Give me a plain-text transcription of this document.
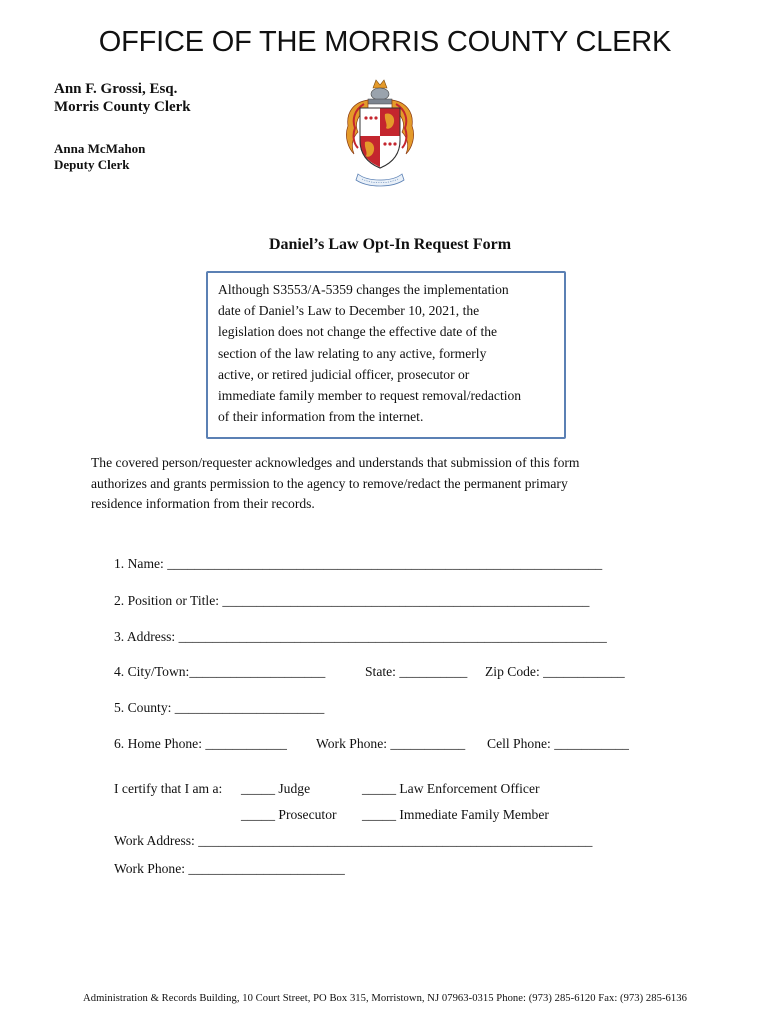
OFFICE OF THE MORRIS COUNTY CLERK
Ann F. Grossi, Esq.
Morris County Clerk
Anna McMahon
Deputy Clerk
Daniel’s Law Opt-In Request Form
Although S3553/A-5359 changes the implementation
date of Daniel’s Law to December 10, 2021, the
legislation does not change the effective date of the
section of the law relating to any active, formerly
active, or retired judicial officer, prosecutor or
immediate family member to request removal/redaction
of their information from the internet.
The covered person/requester acknowledges and understands that submission of this form
authorizes and grants permission to the agency to remove/redact the permanent primary
residence information from their records.
1. Name: ________________________________________________________________
2. Position or Title: ______________________________________________________
3. Address: _______________________________________________________________
4. City/Town:____________________	State: __________ Zip Code: ____________
5. County: ______________________
6. Home Phone: ____________ Work Phone: ___________ Cell Phone: ___________
I certify that I am a: _____ Judge	_____ Law Enforcement Officer
_____ Prosecutor _____ Immediate Family Member
Work Address: __________________________________________________________
Work Phone: _______________________
Administration & Records Building, 10 Court Street, PO Box 315, Morristown, NJ 07963-0315 Phone: (973) 285-6120 Fax: (973) 285-6136
